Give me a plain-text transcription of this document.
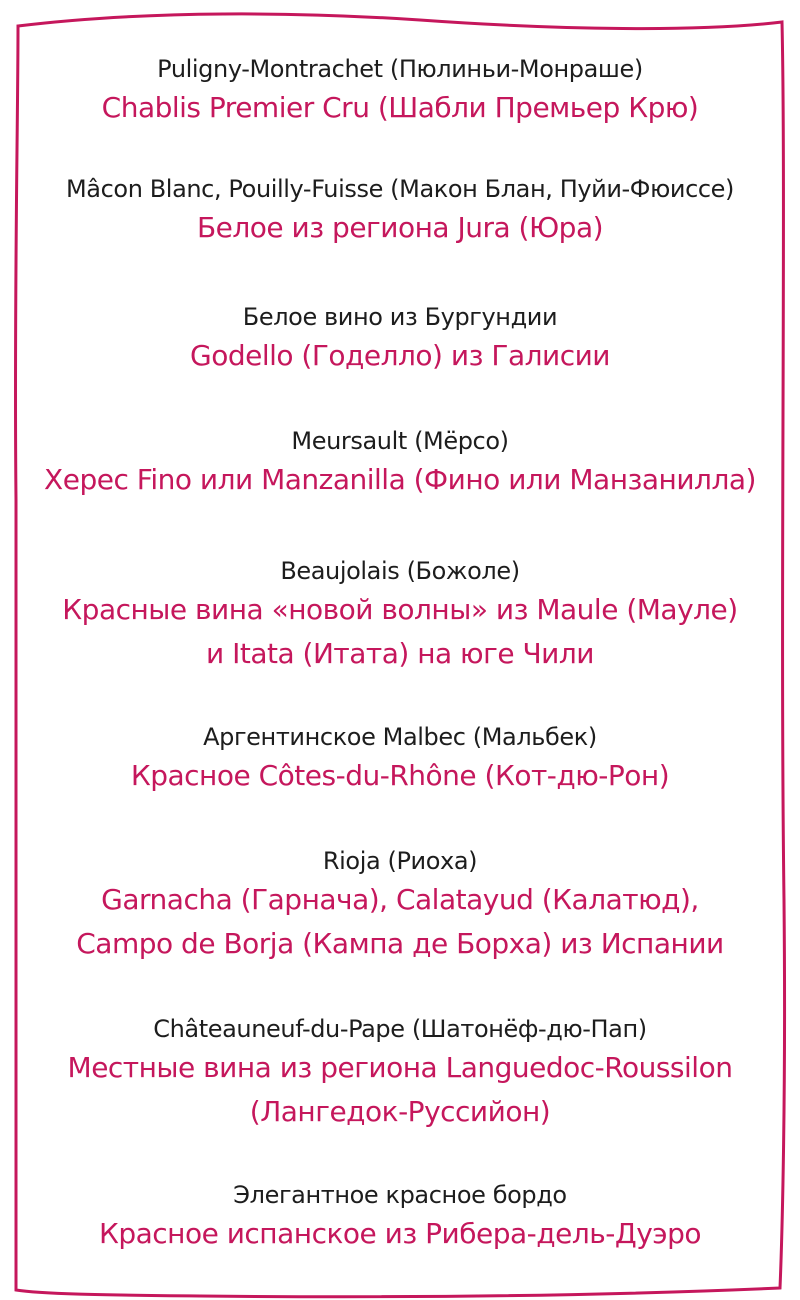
Puligny-Montrachet (Пюлиньи-Монраше)
Chablis Premier Cru (Шабли Премьер Крю)
Mâcon Blanc, Pouilly-Fuisse (Макон Блан, Пуйи-Фюиссе)
Белое из региона Jura (Юра)
Белое вино из Бургундии
Godello (Годелло) из Галисии
Meursault (Мёрсо)
Херес Fino или Manzanilla (Фино или Манзанилла)
Beaujolais (Божоле)
Красные вина «новой волны» из Maule (Мауле)
и Itata (Итата) на юге Чили
Аргентинское Malbec (Мальбек)
Красное Côtes-du-Rhône (Кот-дю-Рон)
Rioja (Риоха)
Garnacha (Гарнача), Calatayud (Калатюд),
Campo de Borja (Кампа де Борха) из Испании
Châteauneuf-du-Pape (Шатонёф-дю-Пап)
Местные вина из региона Languedoc-Roussilon
(Лангедок-Руссийон)
Элегантное красное бордо
Красное испанское из Рибера-дель-Дуэро
